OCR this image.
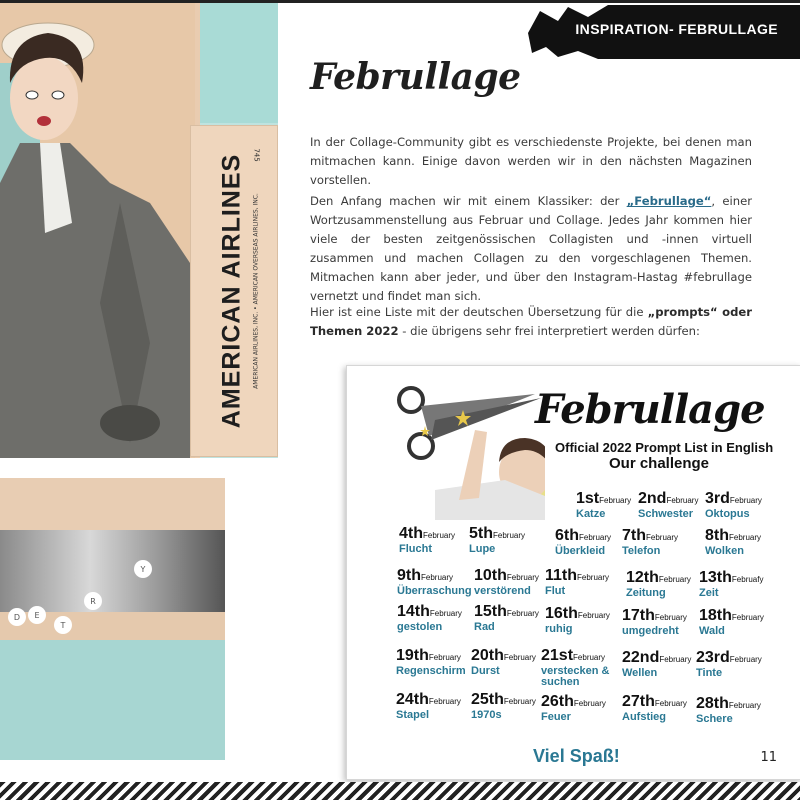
745
AMERICAN AIRLINES AMERICAN AIRLINES, INC. • AMERICAN OVERSEAS AIRLINES, INC.
Y
D	E
T
R
INSPIRATION- FEBRULLAGE
Februllage
In der Collage-Community gibt es verschiedenste Projekte, bei denen man mitmachen kann. Einige davon werden wir in den nächsten Magazinen vorstellen.
Den Anfang machen wir mit einem Klassiker: der „Februllage“, einer Wortzusammenstellung aus Februar und Collage. Jedes Jahr kommen hier viele der besten zeitgenössischen Collagisten und -innen virtuell zusammen und machen Collagen zu den vorgeschlagenen Themen. Mitmachen kann aber jeder, und über den Instagram-Hastag #februllage vernetzt und findet man sich.
Hier ist eine Liste mit der deutschen Übersetzung für die „prompts“ oder Themen 2022 - die übrigens sehr frei interpretiert werden dürfen:
Februllage
Official 2022 Prompt List in English
Our challenge
1stFebruary
Katze
2ndFebruary
Schwester
3rdFebruary
Oktopus
4thFebruary
Flucht
5thFebruary
Lupe
6thFebruary
Überkleid
7thFebruary
Telefon
8thFebruary
Wolken
9thFebruary
Überraschung
10thFebruary
verstörend
11thFebruary
Flut
12thFebruary
Zeitung
13thFebruafy
Zeit
14thFebruary
gestolen
15thFebruary
Rad
16thFebruary
ruhig
17thFebruary
umgedreht
18thFebruary
Wald
19thFebruary
Regenschirm
20thFebruary
Durst
21stFebruary
verstecken & suchen
22ndFebruary
Wellen
23rdFebruary
Tinte
24thFebruary
Stapel
25thFebruary
1970s
26thFebruary
Feuer
27thFebruary
Aufstieg
28thFebruary
Schere
Viel Spaß!	11
